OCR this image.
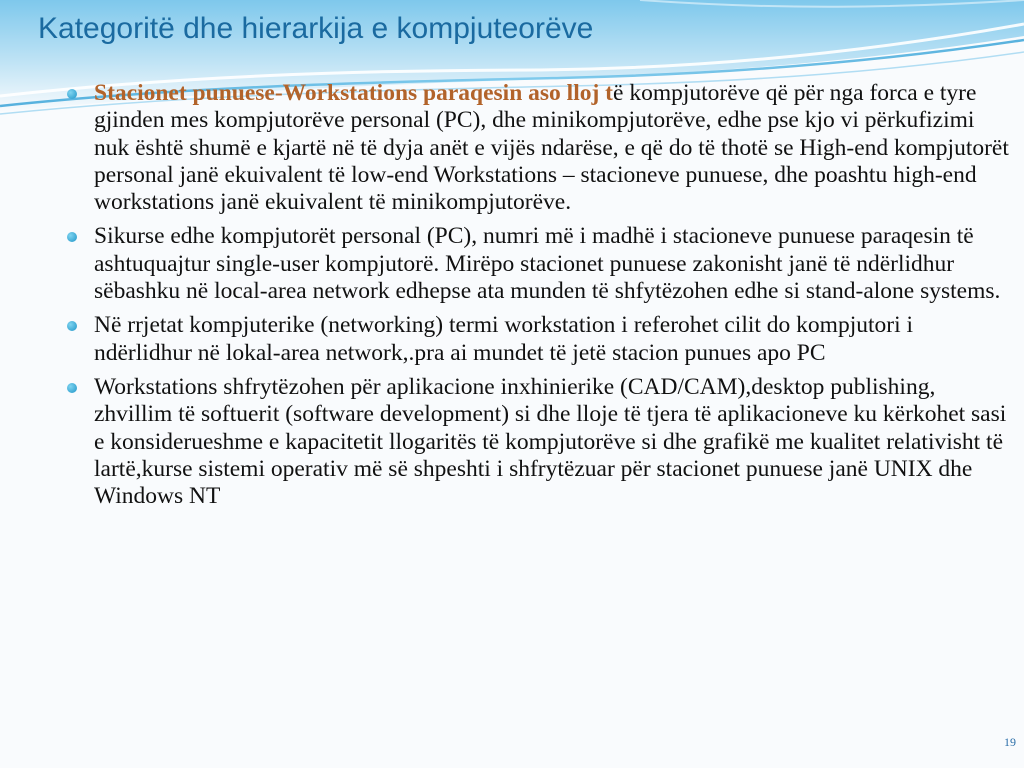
Kategoritë dhe hierarkija e kompjuteorëve
Stacionet punuese-Workstations paraqesin aso lloj të kompjutorëve që për nga forca e tyre gjinden mes kompjutorëve personal (PC), dhe minikompjutorëve, edhe pse kjo vi përkufizimi nuk është shumë e kjartë në të dyja anët e vijës ndarëse, e që do të thotë se High-end kompjutorët personal janë ekuivalent të low-end Workstations – stacioneve punuese, dhe poashtu high-end workstations janë ekuivalent të minikompjutorëve.
Sikurse edhe kompjutorët personal (PC), numri më i madhë i stacioneve punuese paraqesin të ashtuquajtur single-user kompjutorë. Mirëpo stacionet punuese zakonisht janë të ndërlidhur sëbashku në local-area network edhepse ata munden të shfytëzohen edhe si stand-alone systems.
Në rrjetat kompjuterike (networking) termi workstation i referohet cilit do kompjutori i ndërlidhur në lokal-area network,.pra ai mundet të jetë stacion punues apo PC
Workstations shfrytëzohen për aplikacione inxhinierike (CAD/CAM),desktop publishing, zhvillim të softuerit (software development) si dhe lloje të tjera të aplikacioneve ku kërkohet sasi e konsiderueshme e kapacitetit llogaritës të kompjutorëve si dhe grafikë me kualitet relativisht të lartë,kurse sistemi operativ më së shpeshti i shfrytëzuar për stacionet punuese janë UNIX dhe Windows NT
19
